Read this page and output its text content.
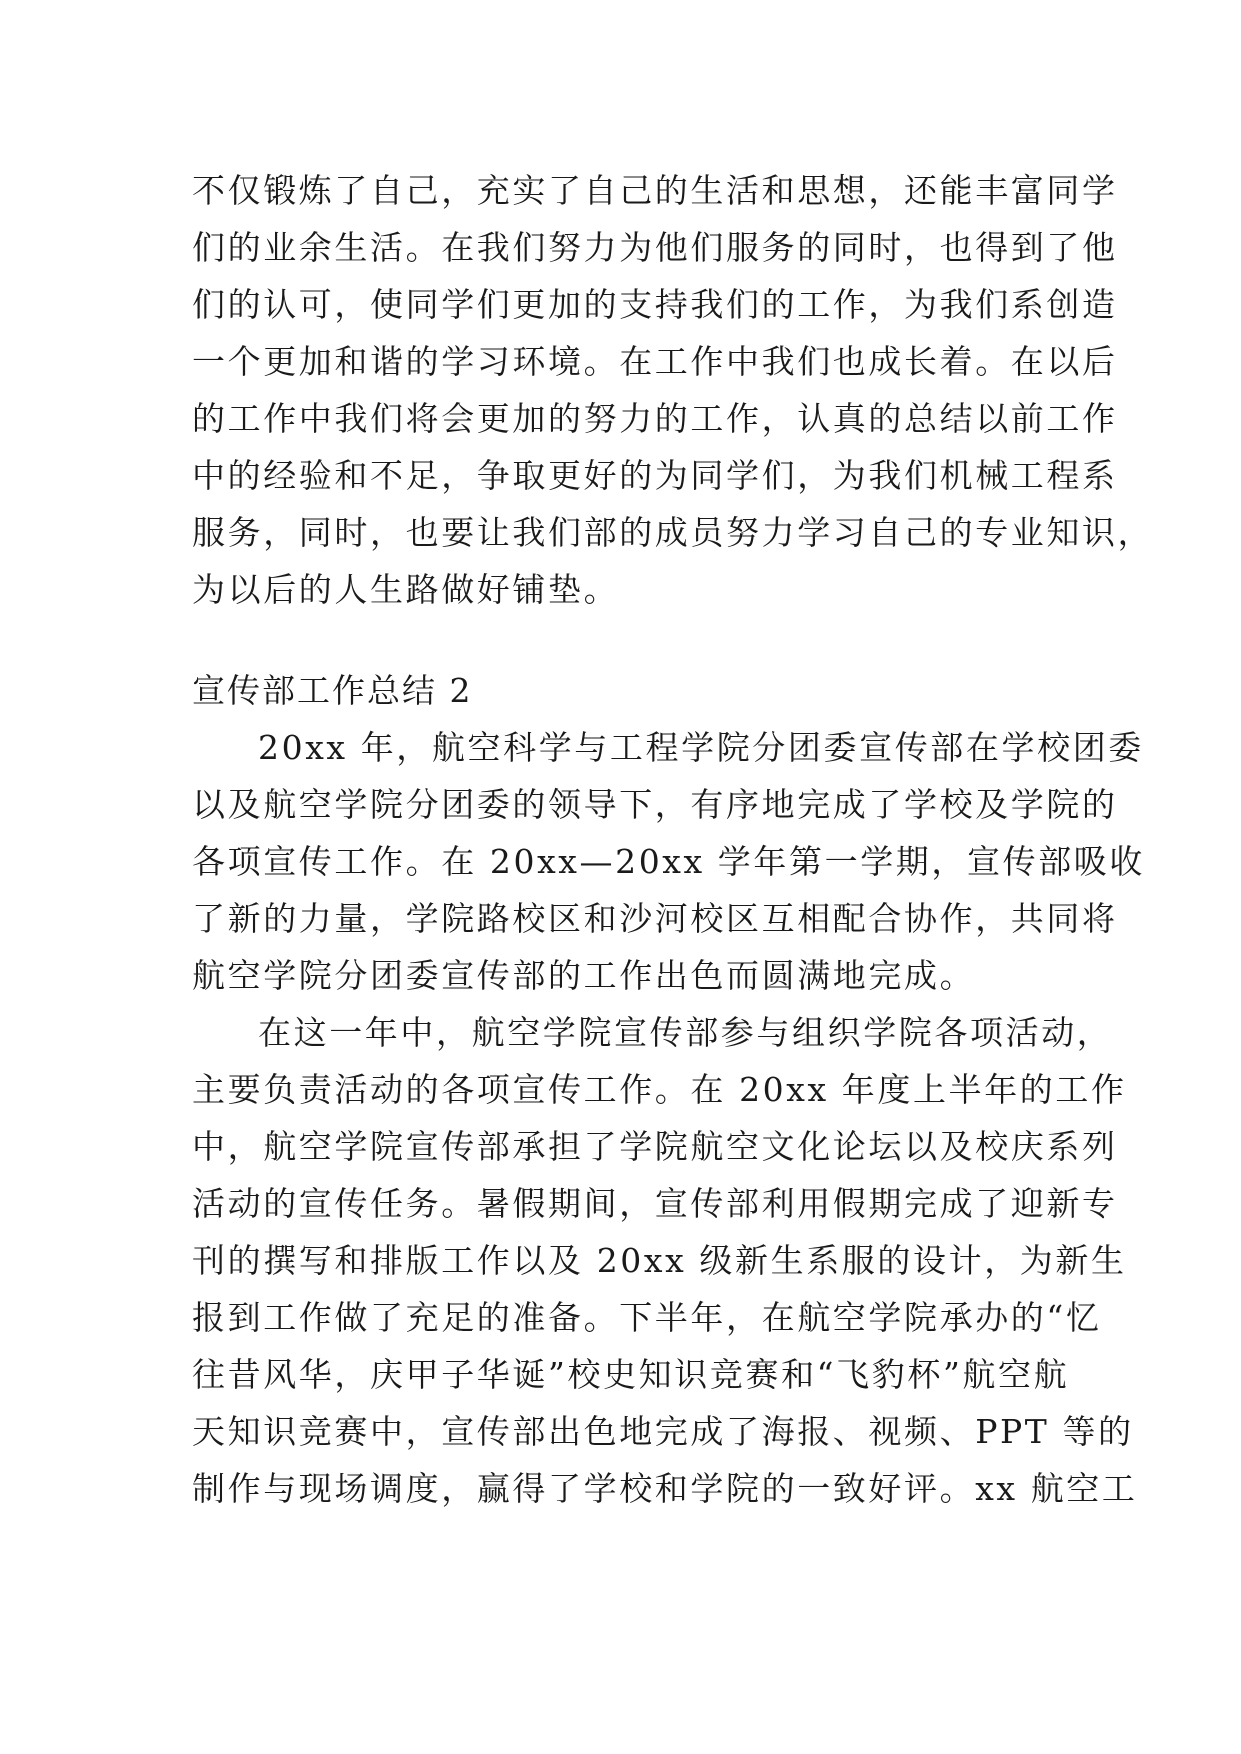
不仅锻炼了自己，充实了自己的生活和思想，还能丰富同学
们的业余生活。在我们努力为他们服务的同时，也得到了他
们的认可，使同学们更加的支持我们的工作，为我们系创造
一个更加和谐的学习环境。在工作中我们也成长着。在以后
的工作中我们将会更加的努力的工作，认真的总结以前工作
中的经验和不足，争取更好的为同学们，为我们机械工程系
服务，同时，也要让我们部的成员努力学习自己的专业知识，
为以后的人生路做好铺垫。
宣传部工作总结 2
20xx 年，航空科学与工程学院分团委宣传部在学校团委
以及航空学院分团委的领导下，有序地完成了学校及学院的
各项宣传工作。在 20xx—20xx 学年第一学期，宣传部吸收
了新的力量，学院路校区和沙河校区互相配合协作，共同将
航空学院分团委宣传部的工作出色而圆满地完成。
在这一年中，航空学院宣传部参与组织学院各项活动，
主要负责活动的各项宣传工作。在 20xx 年度上半年的工作
中，航空学院宣传部承担了学院航空文化论坛以及校庆系列
活动的宣传任务。暑假期间，宣传部利用假期完成了迎新专
刊的撰写和排版工作以及 20xx 级新生系服的设计，为新生
报到工作做了充足的准备。下半年，在航空学院承办的“忆
往昔风华，庆甲子华诞”校史知识竞赛和“飞豹杯”航空航
天知识竞赛中，宣传部出色地完成了海报、视频、PPT 等的
制作与现场调度，赢得了学校和学院的一致好评。xx 航空工
